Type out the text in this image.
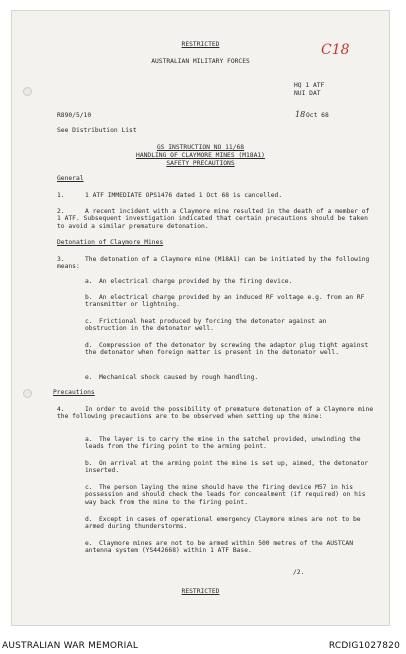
RESTRICTED
AUSTRALIAN MILITARY FORCES
C18
HQ 1 ATF
NUI DAT
R890/5/10	18 Oct 68
See Distribution List
GS INSTRUCTION NO 11/68
HANDLING OF CLAYMORE MINES (M18A1)
SAFETY PRECAUTIONS
General
1.	1 ATF IMMEDIATE OPS1476 dated 1 Oct 68 is cancelled.
2.	A recent incident with a Claymore mine resulted in the death of a member of 1 ATF. Subsequent investigation indicated that certain precautions should be taken to avoid a similar premature detonation.
Detonation of Claymore Mines
3.	The detonation of a Claymore mine (M18A1) can be initiated by the following means:
a. An electrical charge provided by the firing device.
b.	An electrical charge provided by an induced RF voltage e.g. from an RF transmitter or lightning.
c.	Frictional heat produced by forcing the detonator against an obstruction in the detonator well.
d.	Compression of the detonator by screwing the adaptor plug tight against the detonator when foreign matter is present in the detonator well.
e. Mechanical shock caused by rough handling.
Precautions
4.	In order to avoid the possibility of premature detonation of a Claymore mine the following precautions are to be observed when setting up the mine:
a.	The layer is to carry the mine in the satchel provided, unwinding the leads from the firing point to the arming point.
b.	On arrival at the arming point the mine is set up, aimed, the detonator inserted.
c.	The person laying the mine should have the firing device M57 in his possession and should check the leads for concealment (if required) on his way back from the mine to the firing point.
d.	Except in cases of operational emergency Claymore mines are not to be armed during thunderstorms.
e.	Claymore mines are not to be armed within 500 metres of the AUSTCAN antenna system (YS442668) within 1 ATF Base.
/2.
RESTRICTED
AUSTRALIAN WAR MEMORIAL	RCDIG1027820
